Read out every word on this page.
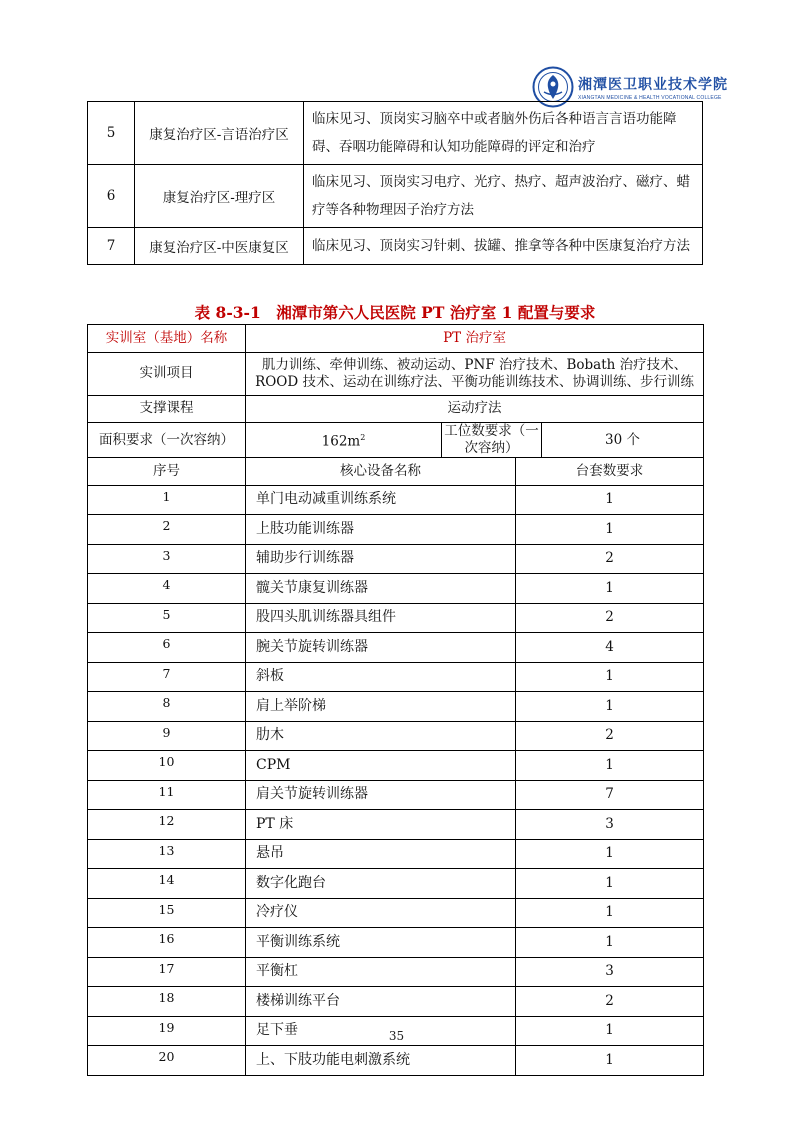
湘潭医卫职业技术学院
XIANGTAN MEDICINE & HEALTH VOCATIONAL COLLEGE
5	康复治疗区-言语治疗区	临床见习、顶岗实习脑卒中或者脑外伤后各种语言言语功能障碍、吞咽功能障碍和认知功能障碍的评定和治疗
6	康复治疗区-理疗区	临床见习、顶岗实习电疗、光疗、热疗、超声波治疗、磁疗、蜡疗等各种物理因子治疗方法
7	康复治疗区-中医康复区	临床见习、顶岗实习针刺、拔罐、推拿等各种中医康复治疗方法
表 8-3-1　湘潭市第六人民医院 PT 治疗室 1 配置与要求
实训室（基地）名称	PT 治疗室			
实训项目	肌力训练、牵伸训练、被动运动、PNF 治疗技术、Bobath 治疗技术、ROOD 技术、运动在训练疗法、平衡功能训练技术、协调训练、步行训练			
支撑课程	运动疗法			
面积要求（一次容纳）	$162m^2$	工位数要求（一次容纳）		30 个
序号	核心设备名称		台套数要求	
1	单门电动减重训练系统		1	
2	上肢功能训练器		1	
3	辅助步行训练器		2	
4	髋关节康复训练器		1	
5	股四头肌训练器具组件		2	
6	腕关节旋转训练器		4	
7	斜板		1	
8	肩上举阶梯		1	
9	肋木		2	
10	CPM		1	
11	肩关节旋转训练器		7	
12	PT 床		3	
13	悬吊		1	
14	数字化跑台		1	
15	冷疗仪		1	
16	平衡训练系统		1	
17	平衡杠		3	
18	楼梯训练平台		2	
19	足下垂		1	
20	上、下肢功能电刺激系统		1	
35
